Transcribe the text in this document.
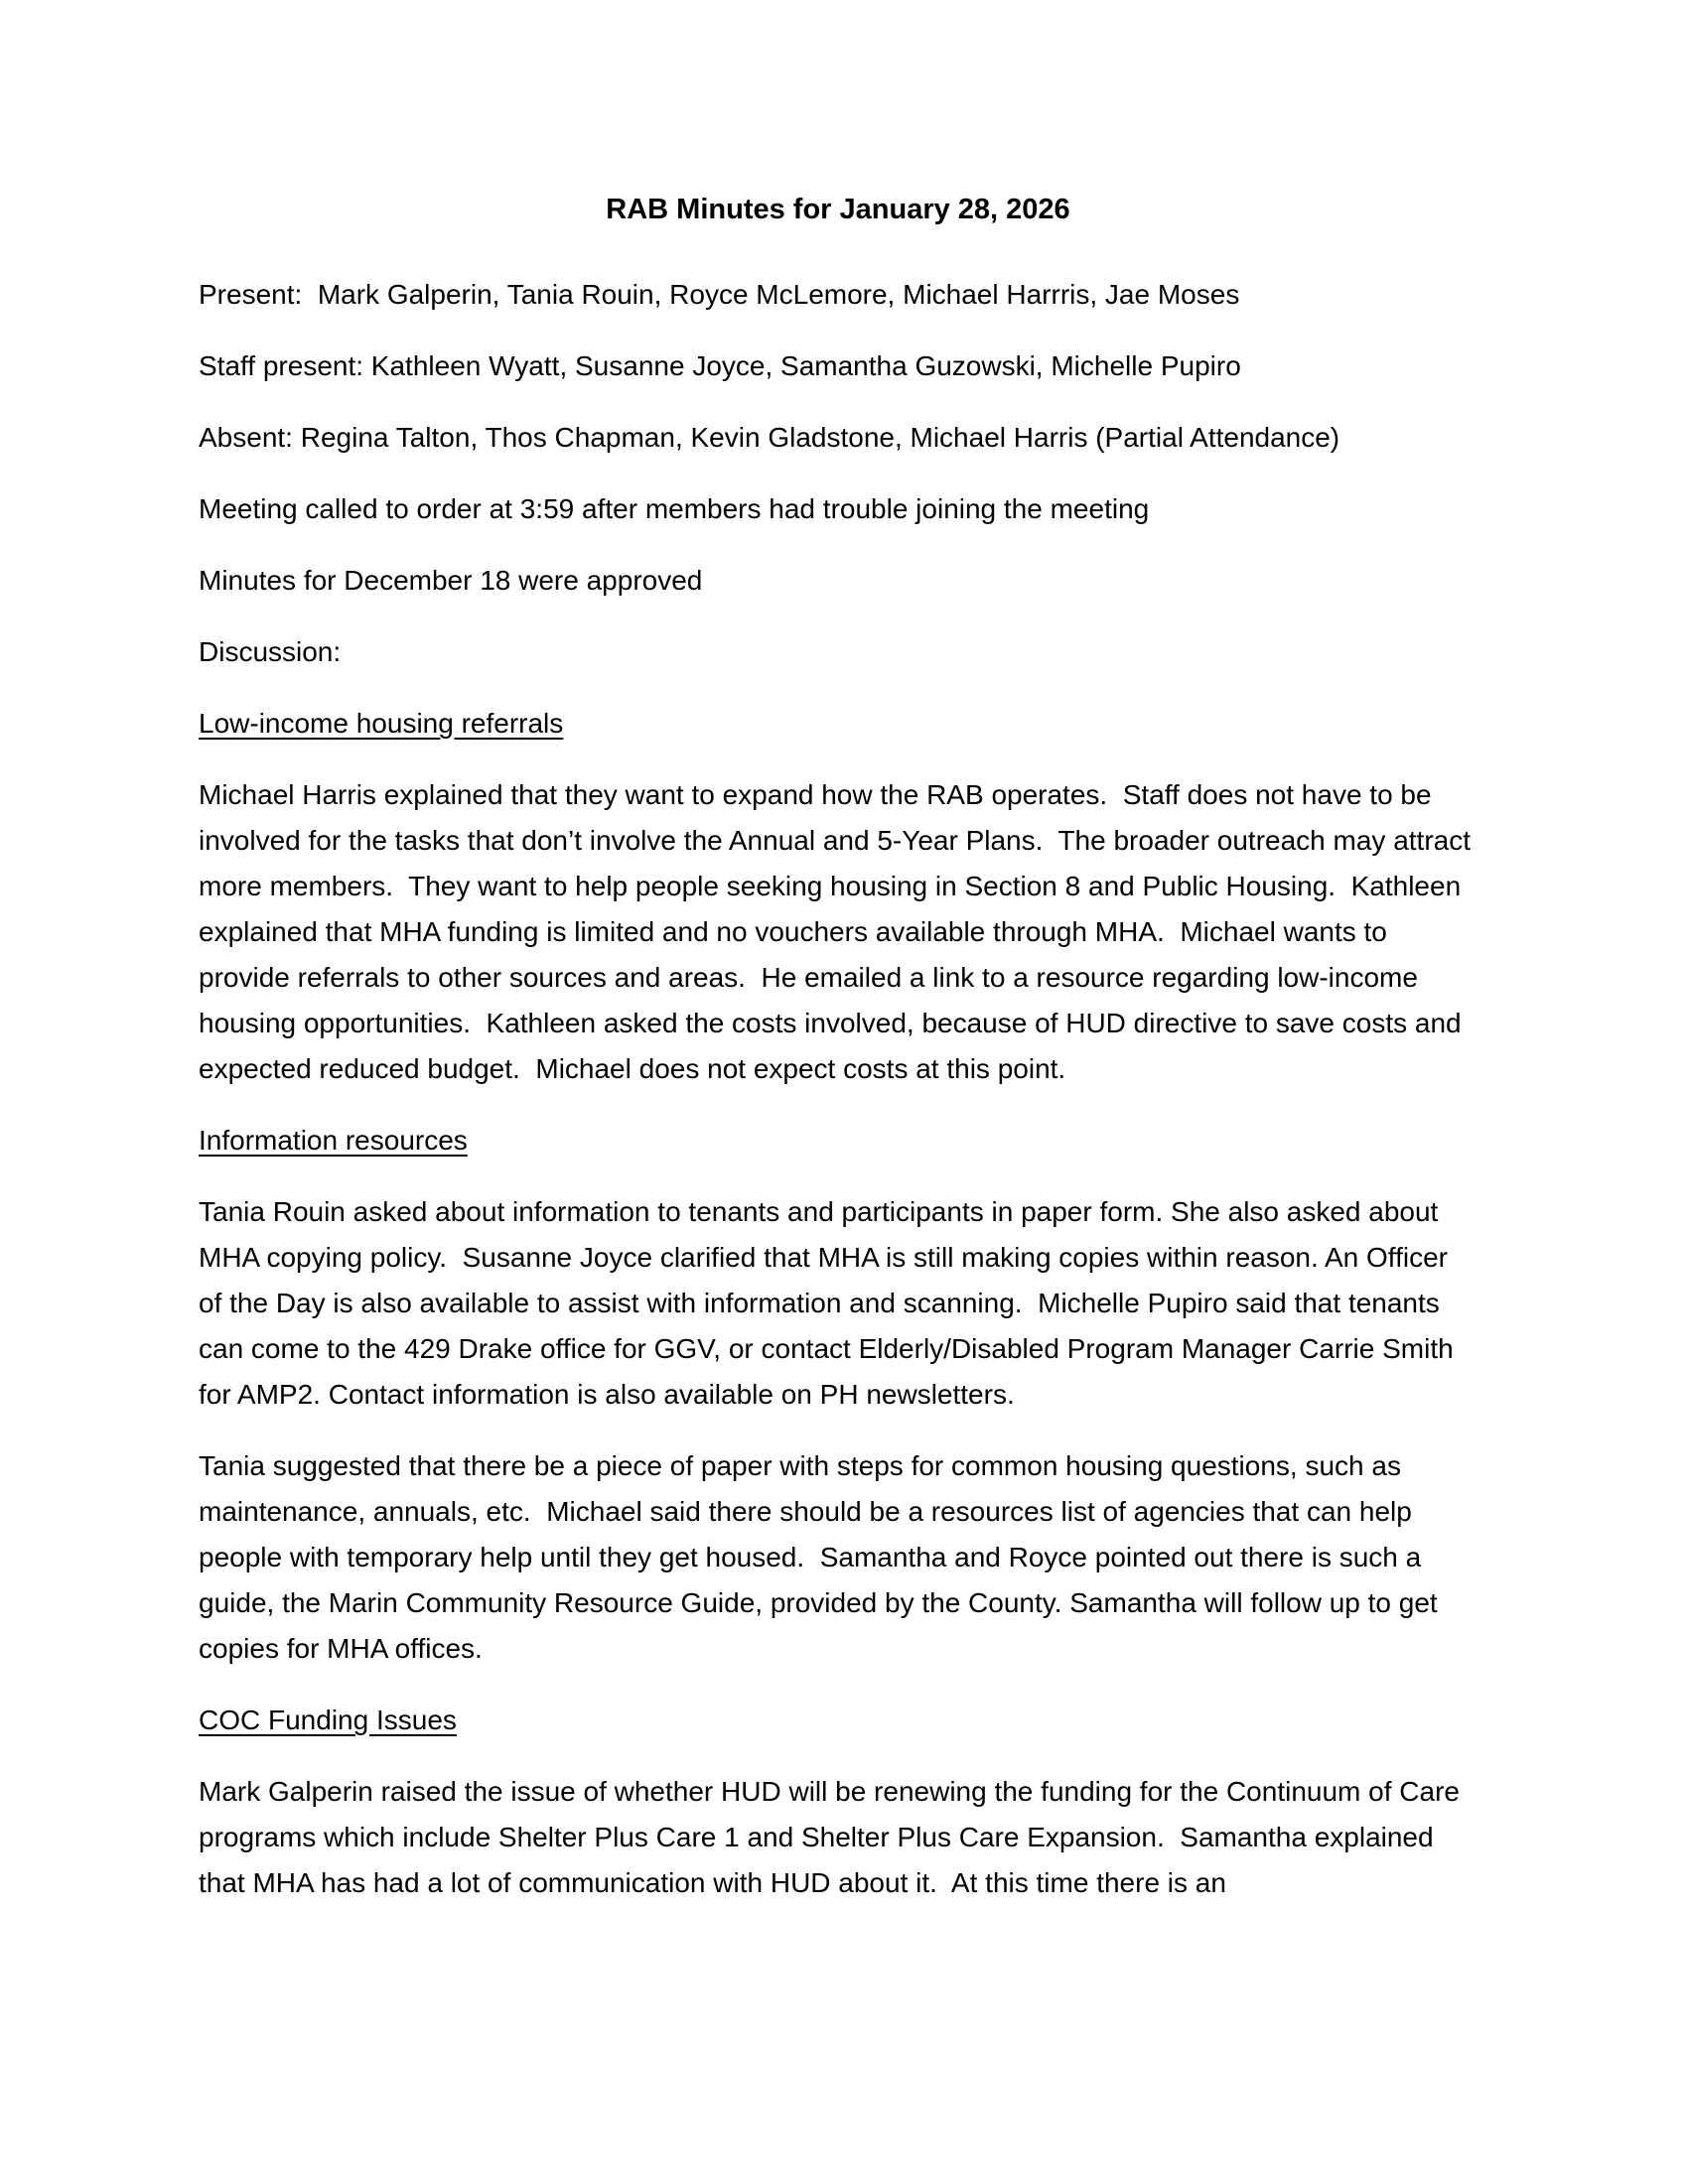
RAB Minutes for January 28, 2026

Present:  Mark Galperin, Tania Rouin, Royce McLemore, Michael Harrris, Jae Moses

Staff present: Kathleen Wyatt, Susanne Joyce, Samantha Guzowski, Michelle Pupiro

Absent: Regina Talton, Thos Chapman, Kevin Gladstone, Michael Harris (Partial Attendance)

Meeting called to order at 3:59 after members had trouble joining the meeting

Minutes for December 18 were approved

Discussion:

Low-income housing referrals

Michael Harris explained that they want to expand how the RAB operates.  Staff does not have to be involved for the tasks that don’t involve the Annual and 5-Year Plans.  The broader outreach may attract more members.  They want to help people seeking housing in Section 8 and Public Housing.  Kathleen explained that MHA funding is limited and no vouchers available through MHA.  Michael wants to provide referrals to other sources and areas.  He emailed a link to a resource regarding low-income housing opportunities.  Kathleen asked the costs involved, because of HUD directive to save costs and expected reduced budget.  Michael does not expect costs at this point.

Information resources

Tania Rouin asked about information to tenants and participants in paper form. She also asked about MHA copying policy.  Susanne Joyce clarified that MHA is still making copies within reason. An Officer of the Day is also available to assist with information and scanning.  Michelle Pupiro said that tenants can come to the 429 Drake office for GGV, or contact Elderly/Disabled Program Manager Carrie Smith for AMP2. Contact information is also available on PH newsletters.

Tania suggested that there be a piece of paper with steps for common housing questions, such as maintenance, annuals, etc.  Michael said there should be a resources list of agencies that can help people with temporary help until they get housed.  Samantha and Royce pointed out there is such a guide, the Marin Community Resource Guide, provided by the County. Samantha will follow up to get copies for MHA offices.

COC Funding Issues

Mark Galperin raised the issue of whether HUD will be renewing the funding for the Continuum of Care programs which include Shelter Plus Care 1 and Shelter Plus Care Expansion.  Samantha explained that MHA has had a lot of communication with HUD about it.  At this time there is an
